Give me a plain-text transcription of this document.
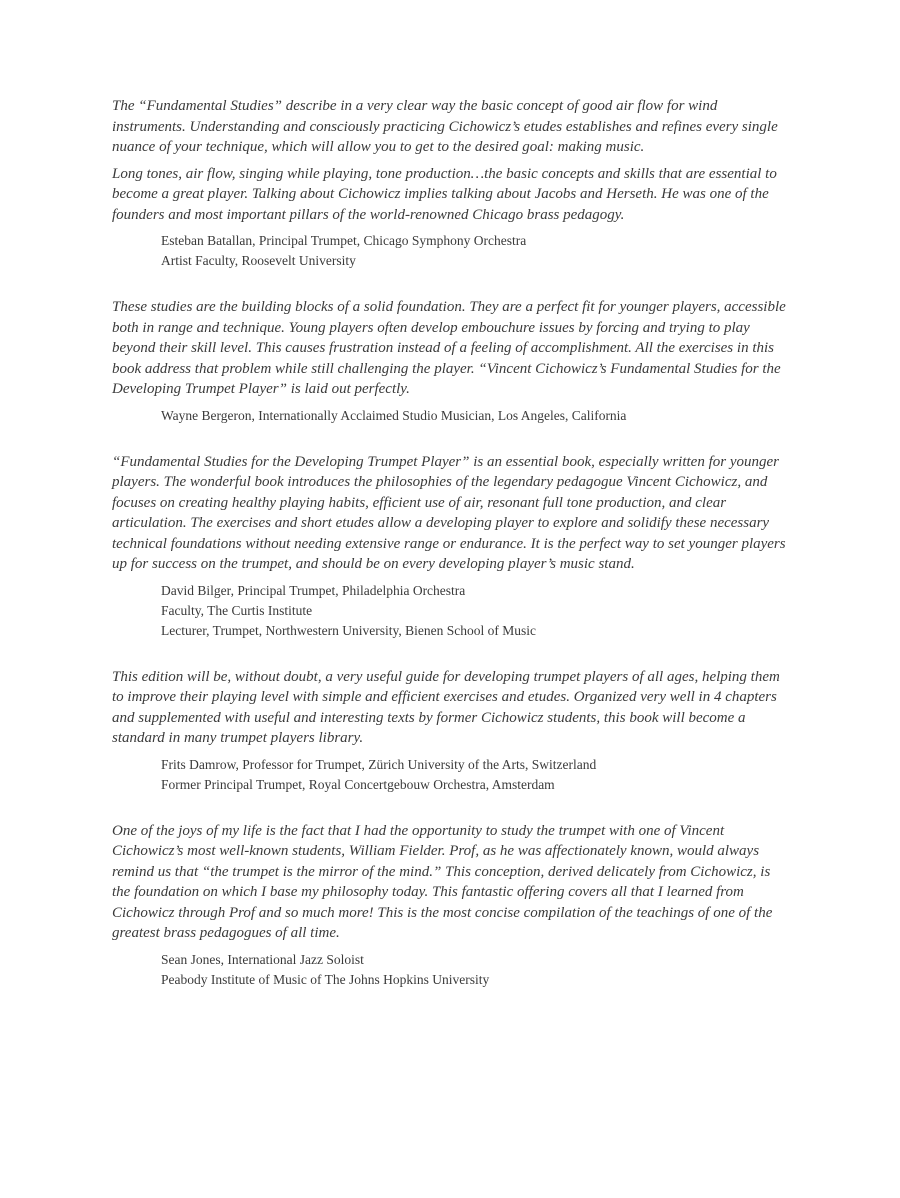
The “Fundamental Studies” describe in a very clear way the basic concept of good air flow for wind instruments. Understanding and consciously practicing Cichowicz’s etudes establishes and refines every single nuance of your technique, which will allow you to get to the desired goal: making music.

Long tones, air flow, singing while playing, tone production…the basic concepts and skills that are essential to become a great player. Talking about Cichowicz implies talking about Jacobs and Herseth. He was one of the founders and most important pillars of the world-renowned Chicago brass pedagogy.

Esteban Batallan, Principal Trumpet, Chicago Symphony Orchestra
Artist Faculty, Roosevelt University

These studies are the building blocks of a solid foundation. They are a perfect fit for younger players, accessible both in range and technique. Young players often develop embouchure issues by forcing and trying to play beyond their skill level. This causes frustration instead of a feeling of accomplishment. All the exercises in this book address that problem while still challenging the player. “Vincent Cichowicz’s Fundamental Studies for the Developing Trumpet Player” is laid out perfectly.

Wayne Bergeron, Internationally Acclaimed Studio Musician, Los Angeles, California

“Fundamental Studies for the Developing Trumpet Player” is an essential book, especially written for younger players. The wonderful book introduces the philosophies of the legendary pedagogue Vincent Cichowicz, and focuses on creating healthy playing habits, efficient use of air, resonant full tone production, and clear articulation. The exercises and short etudes allow a developing player to explore and solidify these necessary technical foundations without needing extensive range or endurance. It is the perfect way to set younger players up for success on the trumpet, and should be on every developing player’s music stand.

David Bilger, Principal Trumpet, Philadelphia Orchestra
Faculty, The Curtis Institute
Lecturer, Trumpet, Northwestern University, Bienen School of Music

This edition will be, without doubt, a very useful guide for developing trumpet players of all ages, helping them to improve their playing level with simple and efficient exercises and etudes. Organized very well in 4 chapters and supplemented with useful and interesting texts by former Cichowicz students, this book will become a standard in many trumpet players library.

Frits Damrow, Professor for Trumpet, Zürich University of the Arts, Switzerland
Former Principal Trumpet, Royal Concertgebouw Orchestra, Amsterdam

One of the joys of my life is the fact that I had the opportunity to study the trumpet with one of Vincent Cichowicz’s most well-known students, William Fielder. Prof, as he was affectionately known, would always remind us that “the trumpet is the mirror of the mind.” This conception, derived delicately from Cichowicz, is the foundation on which I base my philosophy today. This fantastic offering covers all that I learned from Cichowicz through Prof and so much more! This is the most concise compilation of the teachings of one of the greatest brass pedagogues of all time.

Sean Jones, International Jazz Soloist
Peabody Institute of Music of The Johns Hopkins University
